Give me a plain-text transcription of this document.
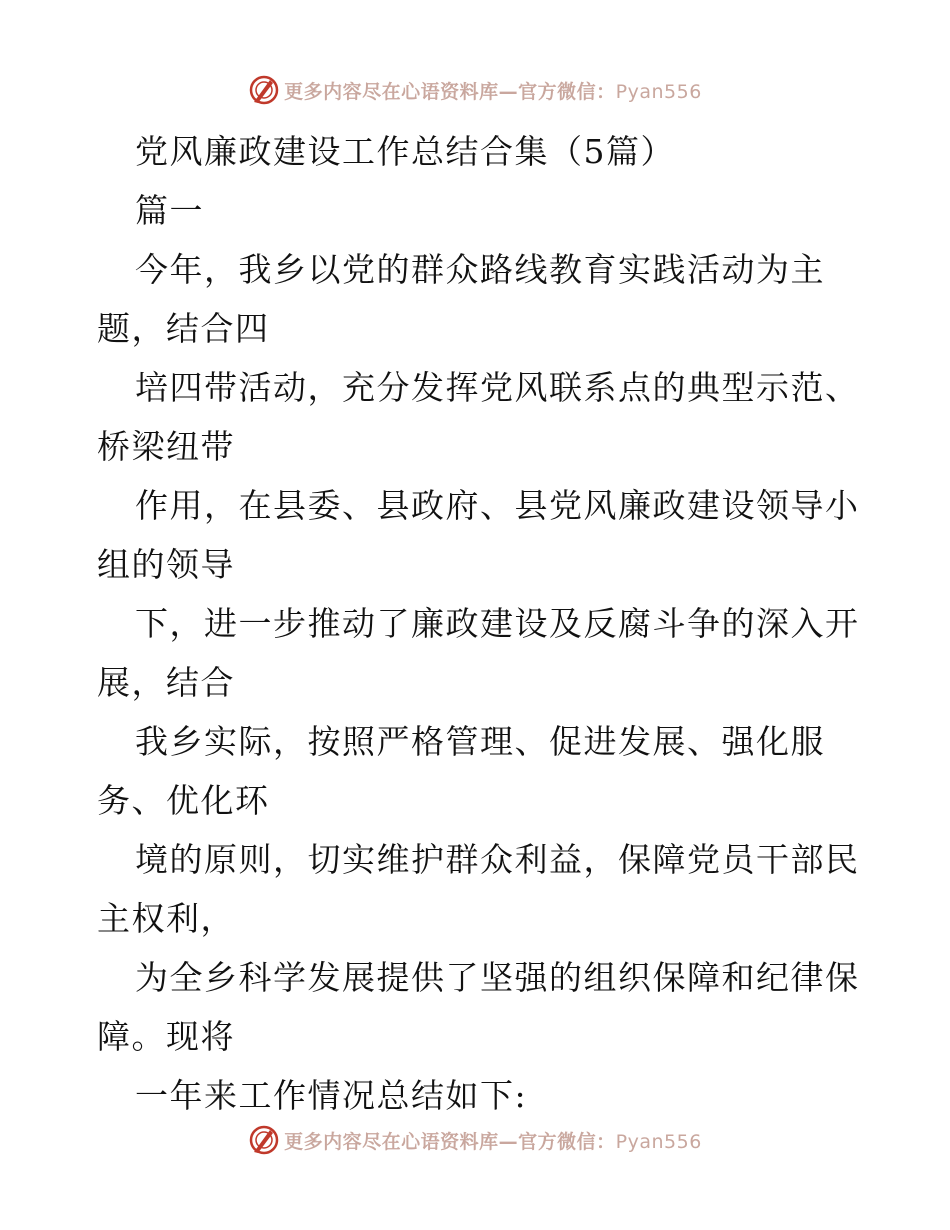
更多内容尽在心语资料库—官方微信：Pyan556
党风廉政建设工作总结合集（5篇）
篇一
今年，我乡以党的群众路线教育实践活动为主
题，结合四
培四带活动，充分发挥党风联系点的典型示范、
桥梁纽带
作用，在县委、县政府、县党风廉政建设领导小
组的领导
下，进一步推动了廉政建设及反腐斗争的深入开
展，结合
我乡实际，按照严格管理、促进发展、强化服
务、优化环
境的原则，切实维护群众利益，保障党员干部民
主权利，
为全乡科学发展提供了坚强的组织保障和纪律保
障。现将
一年来工作情况总结如下:
更多内容尽在心语资料库—官方微信：Pyan556
